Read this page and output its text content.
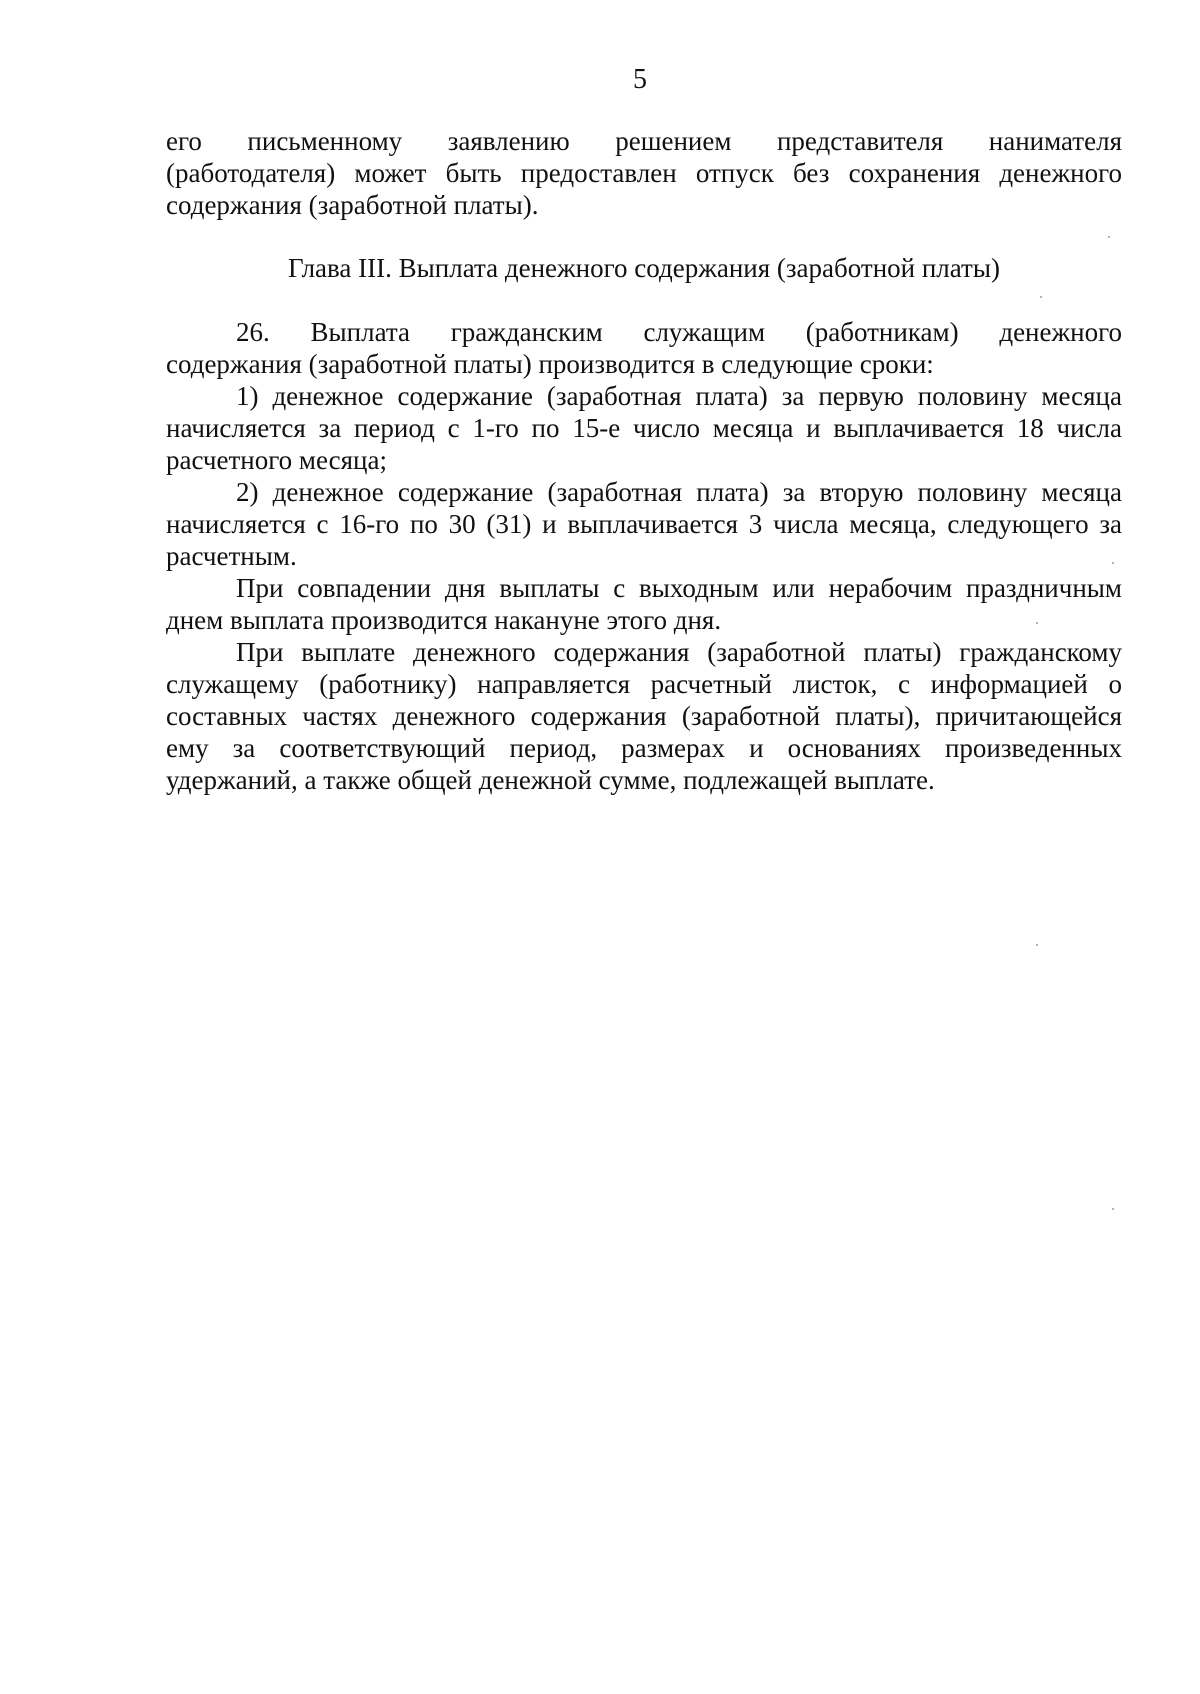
5
его письменному заявлению решением представителя нанимателя
(работодателя) может быть предоставлен отпуск без сохранения денежного
содержания (заработной платы).
Глава III. Выплата денежного содержания (заработной платы)
26. Выплата гражданским служащим (работникам) денежного
содержания (заработной платы) производится в следующие сроки:
1) денежное содержание (заработная плата) за первую половину месяца
начисляется за период с 1-го по 15-е число месяца и выплачивается 18 числа
расчетного месяца;
2) денежное содержание (заработная плата) за вторую половину месяца
начисляется с 16-го по 30 (31) и выплачивается 3 числа месяца, следующего за
расчетным.
При совпадении дня выплаты с выходным или нерабочим праздничным
днем выплата производится накануне этого дня.
При выплате денежного содержания (заработной платы) гражданскому
служащему (работнику) направляется расчетный листок, с информацией о
составных частях денежного содержания (заработной платы), причитающейся
ему за соответствующий период, размерах и основаниях произведенных
удержаний, а также общей денежной сумме, подлежащей выплате.
